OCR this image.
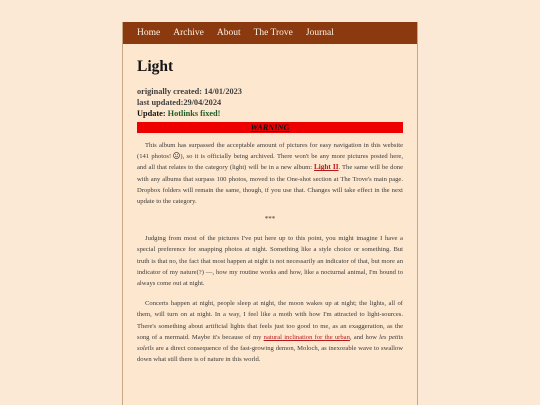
Home Archive About The Trove Journal
Light
originally created: 14/01/2023
last updated:29/04/2024
Update: Hotlinks fixed!
WARNING

This album has surpassed the acceptable amount of pictures for easy navigation in this website (141 photos! ), so it is officially being archived. There won't be any more pictures posted here, and all that relates to the category (light) will be in a new album: Light II. The same will be done with any albums that surpass 100 photos, moved to the One-shot section at The Trove's main page. Dropbox folders will remain the same, though, if you use that. Changes will take effect in the next update to the category.

***

Judging from most of the pictures I've put here up to this point, you might imagine I have a special preference for snapping photos at night. Something like a style choice or something. But truth is that no, the fact that most happen at night is not necessarily an indicator of that, but more an indicator of my nature(?) —, how my routine works and how, like a nocturnal animal, I'm bound to always come out at night.

Concerts happen at night, people sleep at night, the moon wakes up at night; the lights, all of them, will turn on at night. In a way, I feel like a moth with how I'm attracted to light-sources. There's something about artificial lights that feels just too good to me, as an exaggeration, as the song of a mermaid. Maybe it's because of my natural inclination for the urban, and how les petits soleils are a direct consequence of the fast-growing demon, Moloch, as inexorable wave to swallow down what still there is of nature in this world.
